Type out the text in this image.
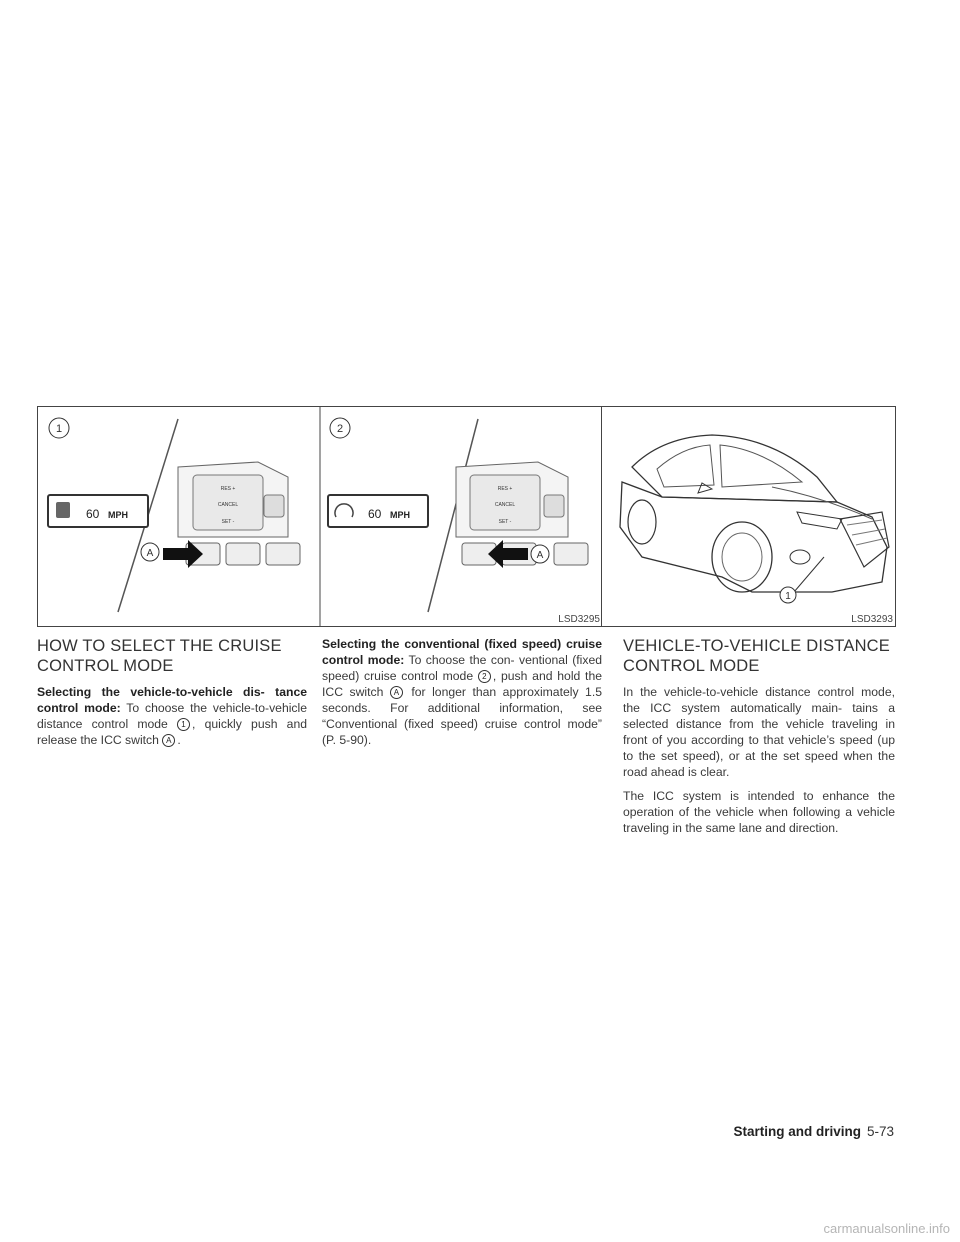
1
60 MPH
RES +
CANCEL
SET -
A
2
60 MPH
RES +
CANCEL
SET -
A
LSD3295
1
LSD3293
HOW TO SELECT THE CRUISE
CONTROL MODE

Selecting the vehicle-to-vehicle dis- tance control mode: To choose the vehicle-to-vehicle distance control mode 1 , quickly push and release the ICC switch A .

Selecting the conventional (fixed speed) cruise control mode: To choose the con- ventional (fixed speed) cruise control mode 2 , push and hold the ICC switch A for longer than approximately 1.5 seconds. For additional information, see “Conventional (fixed speed) cruise control mode” (P. 5-90).

VEHICLE-TO-VEHICLE DISTANCE
CONTROL MODE

In the vehicle-to-vehicle distance control mode, the ICC system automatically main- tains a selected distance from the vehicle traveling in front of you according to that vehicle’s speed (up to the set speed), or at the set speed when the road ahead is clear.

The ICC system is intended to enhance the operation of the vehicle when following a vehicle traveling in the same lane and direction.

Starting and driving 5-73
carmanualsonline.info
